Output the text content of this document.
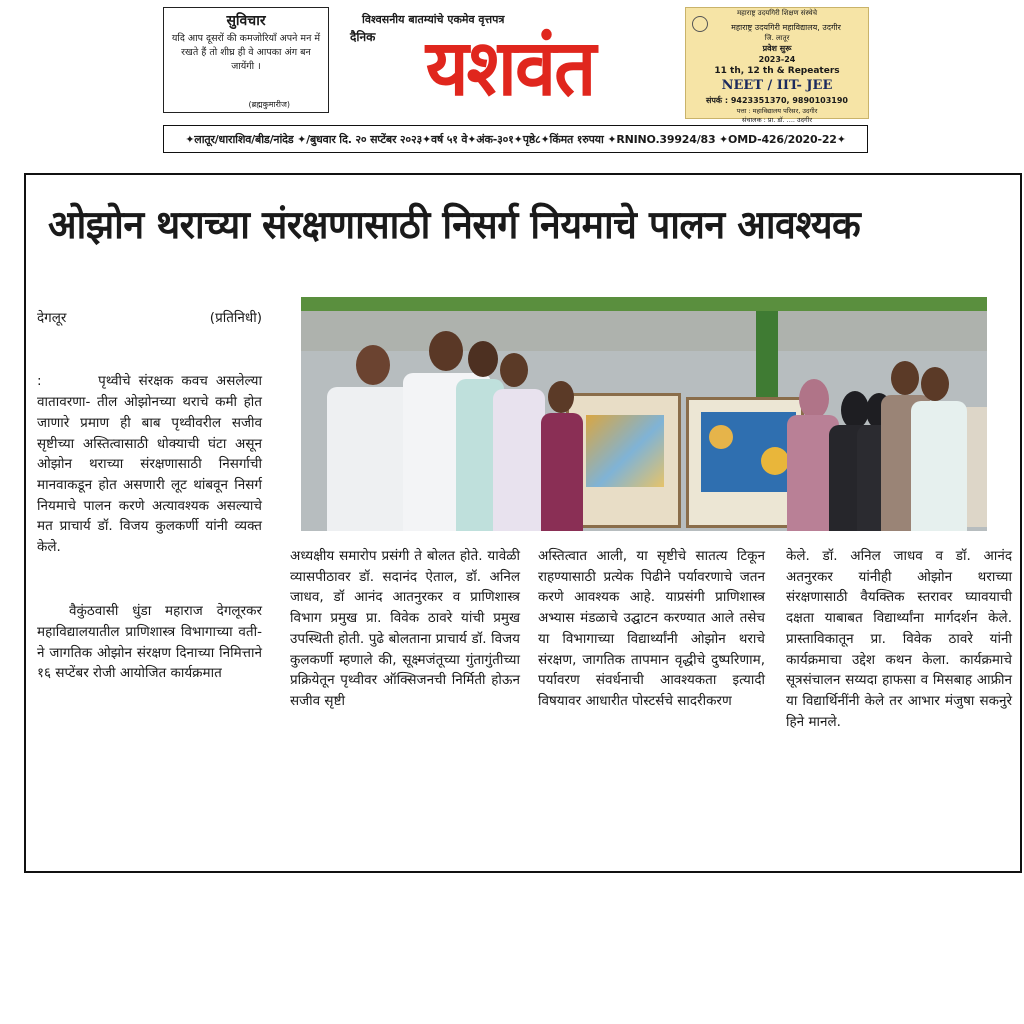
सुविचार
यदि आप दूसरों की कमजोरियाँ अपने मन में रखते हैं तो शीघ्र ही वे आपका अंग बन जायेंगी ।
(ब्रह्मकुमारीज)	यशवंत
विश्वसनीय बातम्यांचे एकमेव वृत्तपत्र
दैनिक
महाराष्ट्र उदयगिरी शिक्षण संस्थेचे
महाराष्ट्र उदयगिरी महाविद्यालय, उदगीर
जि. लातूर
प्रवेश सुरू
2023-24
11 th, 12 th & Repeaters
NEET / IIT- JEE
संपर्क : 9423351370, 9890103190
पत्ता : महाविद्यालय परिसर, उदगीर
संचालक : प्रा. डॉ. .... उदगीर
✦लातूर/धाराशिव/बीड/नांदेड ✦/बुधवार दि. २० सप्टेंबर २०२३✦वर्ष ५१ वे✦अंक-३०१✦पृष्ठे८✦किंमत १रुपया ✦RNINO.39924/83 ✦OMD-426/2020-22✦
ओझोन थराच्या संरक्षणासाठी निसर्ग नियमाचे पालन आवश्यक
देगलूर	(प्रतिनिधी)

:       पृथ्वीचे संरक्षक कवच असलेल्या वातावरणा- तील ओझोनच्या थराचे कमी होत जाणारे प्रमाण ही बाब पृथ्वीवरील सजीव सृष्टीच्या अस्तित्वासाठी धोक्याची घंटा असून ओझोन थराच्या संरक्षणासाठी निसर्गाची मानवाकडून होत असणारी लूट थांबवून निसर्ग नियमाचे पालन करणे अत्यावश्यक असल्याचे मत प्राचार्य डॉ. विजय कुलकर्णी यांनी व्यक्त केले.

वैकुंठवासी धुंडा महाराज देगलूरकर महाविद्यालयातील प्राणिशास्त्र विभागाच्या वती- ने जागतिक ओझोन संरक्षण दिनाच्या निमित्ताने १६ सप्टेंबर रोजी आयोजित कार्यक्रमात

अध्यक्षीय समारोप प्रसंगी ते बोलत होते. यावेळी व्यासपीठावर डॉ. सदानंद ऐताल, डॉ. अनिल जाधव, डॉ आनंद आतनुरकर व प्राणिशास्त्र विभाग प्रमुख प्रा. विवेक ठावरे यांची प्रमुख उपस्थिती होती. पुढे बोलताना प्राचार्य डॉ. विजय कुलकर्णी म्हणाले की, सूक्ष्मजंतूच्या गुंतागुंतीच्या प्रक्रियेतून पृथ्वीवर ऑक्सिजनची निर्मिती होऊन सजीव सृष्टी
अस्तित्वात आली, या सृष्टीचे सातत्य टिकून राहण्यासाठी प्रत्येक पिढीने पर्यावरणाचे जतन करणे आवश्यक आहे. याप्रसंगी प्राणिशास्त्र अभ्यास मंडळाचे उद्घाटन करण्यात आले तसेच या विभागाच्या विद्यार्थ्यांनी ओझोन थराचे संरक्षण, जागतिक तापमान वृद्धीचे दुष्परिणाम, पर्यावरण संवर्धनाची आवश्यकता इत्यादी विषयावर आधारीत पोस्टर्सचे सादरीकरण
केले. डॉ. अनिल जाधव व डॉ. आनंद अतनुरकर यांनीही ओझोन थराच्या संरक्षणासाठी वैयक्तिक स्तरावर घ्यावयाची दक्षता याबाबत विद्यार्थ्यांना मार्गदर्शन केले. प्रास्ताविकातून प्रा. विवेक ठावरे यांनी कार्यक्रमाचा उद्देश कथन केला. कार्यक्रमाचे सूत्रसंचालन सय्यदा हाफसा व मिसबाह आफ्रीन या विद्यार्थिनींनी केले तर आभार मंजुषा सकनुरे हिने मानले.
